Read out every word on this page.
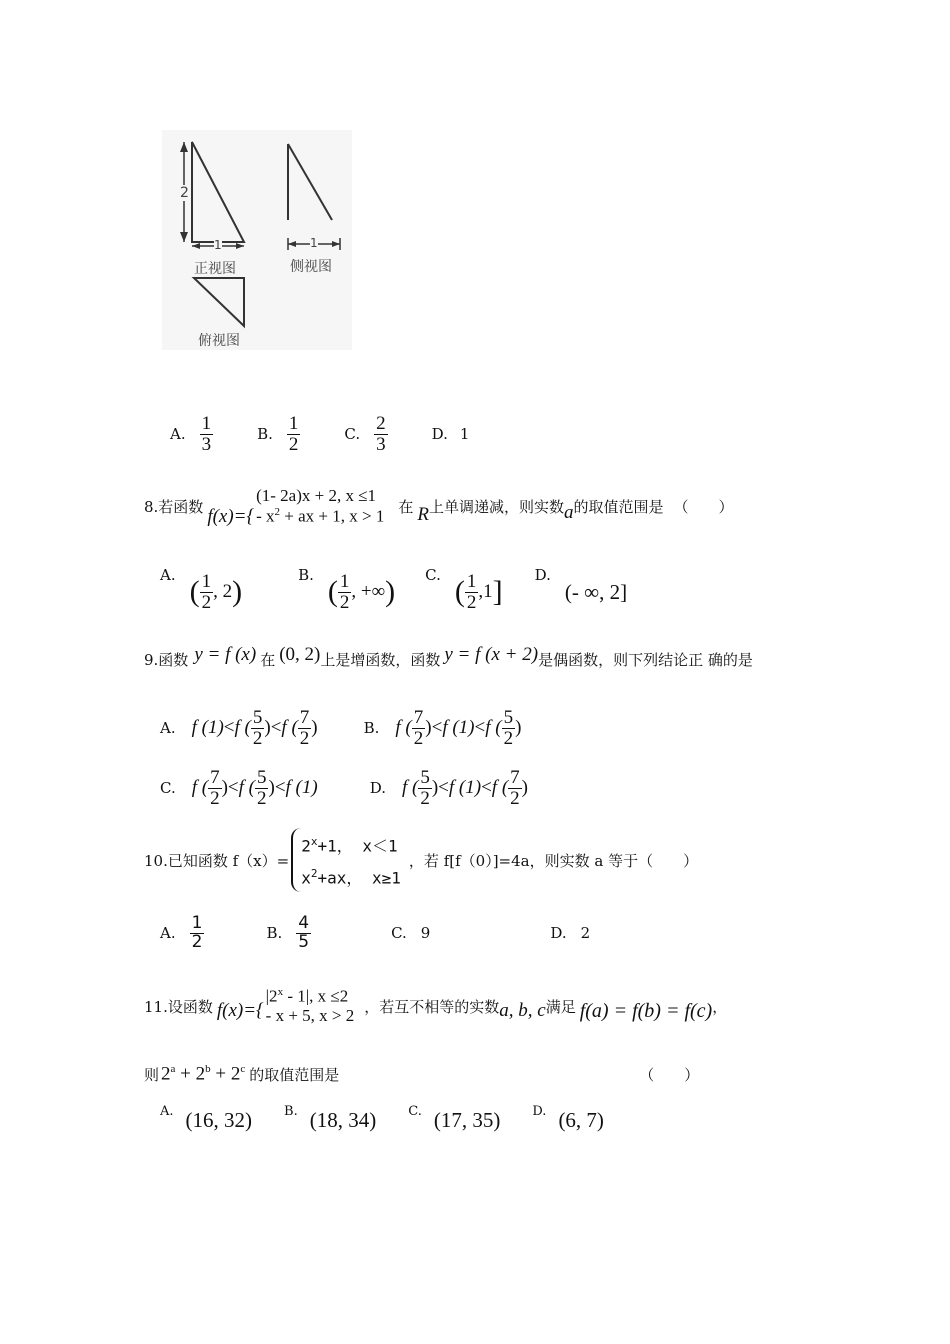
2
1	1
正视图	侧视图
俯视图
A. $\frac{1}{3}$	B. $\frac{1}{2}$	C. $\frac{2}{3}$	D. 1
8.若函数 f(x)={
(1- 2a)x + 2, x ≤1
- $x^2$ + ax + 1, x > 1 在 R 上单调递减，则实数 a 的取值范围是 （　　）
A. ( $\frac{1}{2}$ , 2 )	B. ( $\frac{1}{2}$ , +∞ ) C. ( $\frac{1}{2} ,1$ ] D.
(- ∞, 2]
9.函数 y = f (x) 在 (0, 2) 上是增函数，函数 y = f (x + 2) 是偶函数，则下列结论正 确的是
A. f (1) < f ( $\frac{5}{2}$ ) < f ( $\frac{7}{2}$ )	B. f ( $\frac{7}{2}$ ) < f (1) < f ( $\frac{5}{2}$ )
C. f ( $\frac{7}{2}$ ) < f ( $\frac{5}{2}$ ) < f (1)	D. f ( $\frac{5}{2}$ ) < f (1) < f ( $\frac{7}{2}$ )
10.已知函数 f（x）=
$2^x+1$， x＜1
$x^2+ax$， x≥1
，若 f[f（0）]=4a，则实数 a 等于（　　）
A. $\frac{1}{2}$	B. $\frac{4}{5}$	C. 9	D. 2
11.设函数 f(x)={
|2$^x$ - 1|, x ≤2
- x + 5, x > 2 ，若互不相等的实数 a, b, c 满足 f(a) = f(b) = f(c) ，
则 $2^a + 2^b + 2^c$ 的取值范围是	（　　）
A. (16, 32) B. (18, 34) C. (17, 35) D. (6, 7)
